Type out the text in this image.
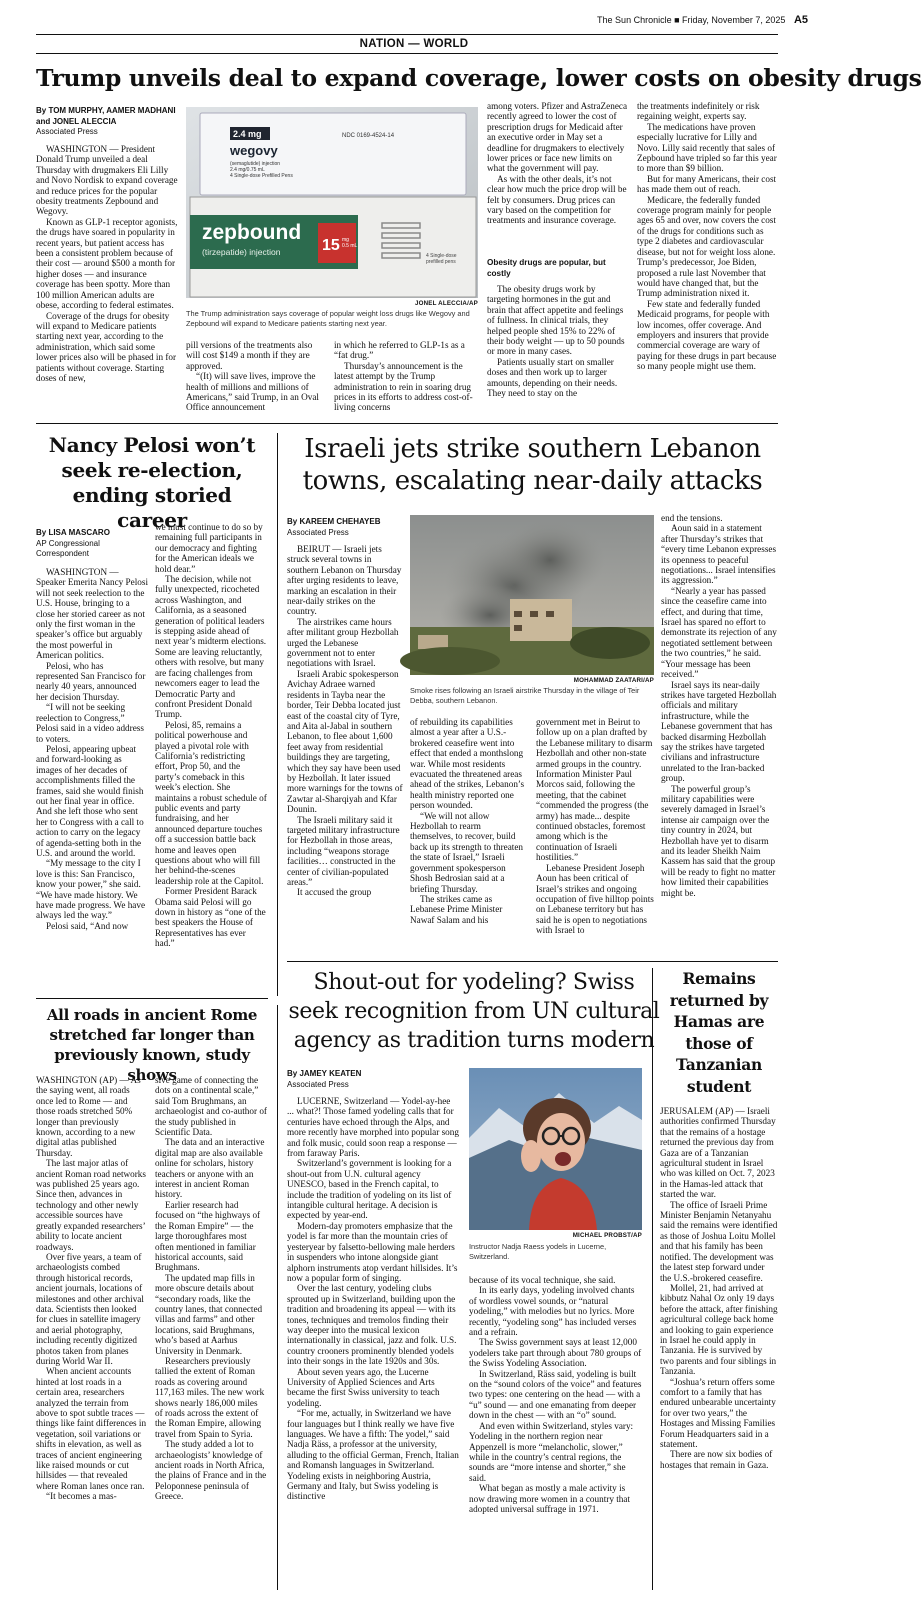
The Sun Chronicle ■ Friday, November 7, 2025 A5
NATION — WORLD
Trump unveils deal to expand coverage, lower costs on obesity drugs
By TOM MURPHY, AAMER MADHANI and JONEL ALECCIA
Associated Press

WASHINGTON — President Donald Trump unveiled a deal Thursday with drugmakers Eli Lilly and Novo Nordisk to expand coverage and reduce prices for the popular obesity treatments Zepbound and Wegovy.

Known as GLP-1 receptor agonists, the drugs have soared in popularity in recent years, but patient access has been a consistent problem because of their cost — around $500 a month for higher doses — and insurance coverage has been spotty. More than 100 million American adults are obese, according to federal estimates.

Coverage of the drugs for obesity will expand to Medicare patients starting next year, according to the administration, which said some lower prices also will be phased in for patients without coverage. Starting doses of new,

2.4 mg
wegovy
(semaglutide) injection 2.4 mg/0.75 mL 4 Single-dose Prefilled Pens
NDC 0169-4524-14
zepbound
(tirzepatide) injection	15 mg 0.5 mL
4 Single-dose prefilled pens
JONEL ALECCIA/AP
The Trump administration says coverage of popular weight loss drugs like Wegovy and Zepbound will expand to Medicare patients starting next year.

pill versions of the treatments also will cost $149 a month if they are approved.

“(It) will save lives, improve the health of millions and millions of Americans,” said Trump, in an Oval Office announcement

in which he referred to GLP-1s as a “fat drug.”

Thursday’s announcement is the latest attempt by the Trump administration to rein in soaring drug prices in its efforts to address cost-of-living concerns

among voters. Pfizer and AstraZeneca recently agreed to lower the cost of prescription drugs for Medicaid after an executive order in May set a deadline for drugmakers to electively lower prices or face new limits on what the government will pay.

As with the other deals, it’s not clear how much the price drop will be felt by consumers. Drug prices can vary based on the competition for treatments and insurance coverage.

Obesity drugs are popular, but costly

The obesity drugs work by targeting hormones in the gut and brain that affect appetite and feelings of fullness. In clinical trials, they helped people shed 15% to 22% of their body weight — up to 50 pounds or more in many cases.

Patients usually start on smaller doses and then work up to larger amounts, depending on their needs. They need to stay on the

the treatments indefinitely or risk regaining weight, experts say.

The medications have proven especially lucrative for Lilly and Novo. Lilly said recently that sales of Zepbound have tripled so far this year to more than $9 billion.

But for many Americans, their cost has made them out of reach.

Medicare, the federally funded coverage program mainly for people ages 65 and over, now covers the cost of the drugs for conditions such as type 2 diabetes and cardiovascular disease, but not for weight loss alone. Trump’s predecessor, Joe Biden, proposed a rule last November that would have changed that, but the Trump administration nixed it.

Few state and federally funded Medicaid programs, for people with low incomes, offer coverage. And employers and insurers that provide commercial coverage are wary of paying for these drugs in part because so many people might use them.

Nancy Pelosi won’t seek re-election, ending storied career
By LISA MASCARO
AP Congressional Correspondent

WASHINGTON — Speaker Emerita Nancy Pelosi will not seek reelection to the U.S. House, bringing to a close her storied career as not only the first woman in the speaker’s office but arguably the most powerful in American politics.

Pelosi, who has represented San Francisco for nearly 40 years, announced her decision Thursday.

“I will not be seeking reelection to Congress,” Pelosi said in a video address to voters.

Pelosi, appearing upbeat and forward-looking as images of her decades of accomplishments filled the frames, said she would finish out her final year in office. And she left those who sent her to Congress with a call to action to carry on the legacy of agenda-setting both in the U.S. and around the world.

“My message to the city I love is this: San Francisco, know your power,” she said. “We have made history. We have made progress. We have always led the way.”

Pelosi said, “And now

we must continue to do so by remaining full participants in our democracy and fighting for the American ideals we hold dear.”

The decision, while not fully unexpected, ricocheted across Washington, and California, as a seasoned generation of political leaders is stepping aside ahead of next year’s midterm elections. Some are leaving reluctantly, others with resolve, but many are facing challenges from newcomers eager to lead the Democratic Party and confront President Donald Trump.

Pelosi, 85, remains a political powerhouse and played a pivotal role with California’s redistricting effort, Prop 50, and the party’s comeback in this week’s election. She maintains a robust schedule of public events and party fundraising, and her announced departure touches off a succession battle back home and leaves open questions about who will fill her behind-the-scenes leadership role at the Capitol.

Former President Barack Obama said Pelosi will go down in history as “one of the best speakers the House of Representatives has ever had.”

Israeli jets strike southern Lebanon towns, escalating near-daily attacks
By KAREEM CHEHAYEB
Associated Press

BEIRUT — Israeli jets struck several towns in southern Lebanon on Thursday after urging residents to leave, marking an escalation in their near-daily strikes on the country.

The airstrikes came hours after militant group Hezbollah urged the Lebanese government not to enter negotiations with Israel.

Israeli Arabic spokesperson Avichay Adraee warned residents in Tayba near the border, Teir Debba located just east of the coastal city of Tyre, and Aita al-Jabal in southern Lebanon, to flee about 1,600 feet away from residential buildings they are targeting, which they say have been used by Hezbollah. It later issued more warnings for the towns of Zawtar al-Sharqiyah and Kfar Dounin.

The Israeli military said it targeted military infrastructure for Hezbollah in those areas, including “weapons storage facilities… constructed in the center of civilian-populated areas.”

It accused the group

MOHAMMAD ZAATARI/AP
Smoke rises following an Israeli airstrike Thursday in the village of Teir Debba, southern Lebanon.

of rebuilding its capabilities almost a year after a U.S.-brokered ceasefire went into effect that ended a monthslong war. While most residents evacuated the threatened areas ahead of the strikes, Lebanon’s health ministry reported one person wounded.

“We will not allow Hezbollah to rearm themselves, to recover, build back up its strength to threaten the state of Israel,” Israeli government spokesperson Shosh Bedrosian said at a briefing Thursday.

The strikes came as Lebanese Prime Minister Nawaf Salam and his

government met in Beirut to follow up on a plan drafted by the Lebanese military to disarm Hezbollah and other non-state armed groups in the country. Information Minister Paul Morcos said, following the meeting, that the cabinet “commended the progress (the army) has made... despite continued obstacles, foremost among which is the continuation of Israeli hostilities.”

Lebanese President Joseph Aoun has been critical of Israel’s strikes and ongoing occupation of five hilltop points on Lebanese territory but has said he is open to negotiations with Israel to

end the tensions.

Aoun said in a statement after Thursday’s strikes that “every time Lebanon expresses its openness to peaceful negotiations... Israel intensifies its aggression.”

“Nearly a year has passed since the ceasefire came into effect, and during that time, Israel has spared no effort to demonstrate its rejection of any negotiated settlement between the two countries,” he said. “Your message has been received.”

Israel says its near-daily strikes have targeted Hezbollah officials and military infrastructure, while the Lebanese government that has backed disarming Hezbollah say the strikes have targeted civilians and infrastructure unrelated to the Iran-backed group.

The powerful group’s military capabilities were severely damaged in Israel’s intense air campaign over the tiny country in 2024, but Hezbollah have yet to disarm and its leader Sheikh Naim Kassem has said that the group will be ready to fight no matter how limited their capabilities might be.

All roads in ancient Rome stretched far longer than previously known, study shows

WASHINGTON (AP) — As the saying went, all roads once led to Rome — and those roads stretched 50% longer than previously known, according to a new digital atlas published Thursday.

The last major atlas of ancient Roman road networks was published 25 years ago. Since then, advances in technology and other newly accessible sources have greatly expanded researchers’ ability to locate ancient roadways.

Over five years, a team of archaeologists combed through historical records, ancient journals, locations of milestones and other archival data. Scientists then looked for clues in satellite imagery and aerial photography, including recently digitized photos taken from planes during World War II.

When ancient accounts hinted at lost roads in a certain area, researchers analyzed the terrain from above to spot subtle traces — things like faint differences in vegetation, soil variations or shifts in elevation, as well as traces of ancient engineering like raised mounds or cut hillsides — that revealed where Roman lanes once ran.

“It becomes a mas-

sive game of connecting the dots on a continental scale,” said Tom Brughmans, an archaeologist and co-author of the study published in Scientific Data.

The data and an interactive digital map are also available online for scholars, history teachers or anyone with an interest in ancient Roman history.

Earlier research had focused on “the highways of the Roman Empire” — the large thoroughfares most often mentioned in familiar historical accounts, said Brughmans.

The updated map fills in more obscure details about “secondary roads, like the country lanes, that connected villas and farms” and other locations, said Brughmans, who’s based at Aarhus University in Denmark.

Researchers previously tallied the extent of Roman roads as covering around 117,163 miles. The new work shows nearly 186,000 miles of roads across the extent of the Roman Empire, allowing travel from Spain to Syria.

The study added a lot to archaeologists’ knowledge of ancient roads in North Africa, the plains of France and in the Peloponnese peninsula of Greece.

Shout-out for yodeling? Swiss seek recognition from UN cultural agency as tradition turns modern
By JAMEY KEATEN
Associated Press

LUCERNE, Switzerland — Yodel-ay-hee ... what?! Those famed yodeling calls that for centuries have echoed through the Alps, and more recently have morphed into popular song and folk music, could soon reap a response — from faraway Paris.

Switzerland’s government is looking for a shout-out from U.N. cultural agency UNESCO, based in the French capital, to include the tradition of yodeling on its list of intangible cultural heritage. A decision is expected by year-end.

Modern-day promoters emphasize that the yodel is far more than the mountain cries of yesteryear by falsetto-bellowing male herders in suspenders who intone alongside giant alphorn instruments atop verdant hillsides. It’s now a popular form of singing.

Over the last century, yodeling clubs sprouted up in Switzerland, building upon the tradition and broadening its appeal — with its tones, techniques and tremolos finding their way deeper into the musical lexicon internationally in classical, jazz and folk. U.S. country crooners prominently blended yodels into their songs in the late 1920s and 30s.

About seven years ago, the Lucerne University of Applied Sciences and Arts became the first Swiss university to teach yodeling.

“For me, actually, in Switzerland we have four languages but I think really we have five languages. We have a fifth: The yodel,” said Nadja Räss, a professor at the university, alluding to the official German, French, Italian and Romansh languages in Switzerland. Yodeling exists in neighboring Austria, Germany and Italy, but Swiss yodeling is distinctive

MICHAEL PROBST/AP
Instructor Nadja Raess yodels in Lucerne, Switzerland.

because of its vocal technique, she said.

In its early days, yodeling involved chants of wordless vowel sounds, or “natural yodeling,” with melodies but no lyrics. More recently, “yodeling song” has included verses and a refrain.

The Swiss government says at least 12,000 yodelers take part through about 780 groups of the Swiss Yodeling Association.

In Switzerland, Räss said, yodeling is built on the “sound colors of the voice” and features two types: one centering on the head — with a “u” sound — and one emanating from deeper down in the chest — with an “o” sound.

And even within Switzerland, styles vary: Yodeling in the northern region near Appenzell is more “melancholic, slower,” while in the country’s central regions, the sounds are “more intense and shorter,” she said.

What began as mostly a male activity is now drawing more women in a country that adopted universal suffrage in 1971.

Remains returned by Hamas are those of Tanzanian student

JERUSALEM (AP) — Israeli authorities confirmed Thursday that the remains of a hostage returned the previous day from Gaza are of a Tanzanian agricultural student in Israel who was killed on Oct. 7, 2023 in the Hamas-led attack that started the war.

The office of Israeli Prime Minister Benjamin Netanyahu said the remains were identified as those of Joshua Loitu Mollel and that his family has been notified. The development was the latest step forward under the U.S.-brokered ceasefire.

Mollel, 21, had arrived at kibbutz Nahal Oz only 19 days before the attack, after finishing agricultural college back home and looking to gain experience in Israel he could apply in Tanzania. He is survived by two parents and four siblings in Tanzania.

“Joshua’s return offers some comfort to a family that has endured unbearable uncertainty for over two years,” the Hostages and Missing Families Forum Headquarters said in a statement.

There are now six bodies of hostages that remain in Gaza.
